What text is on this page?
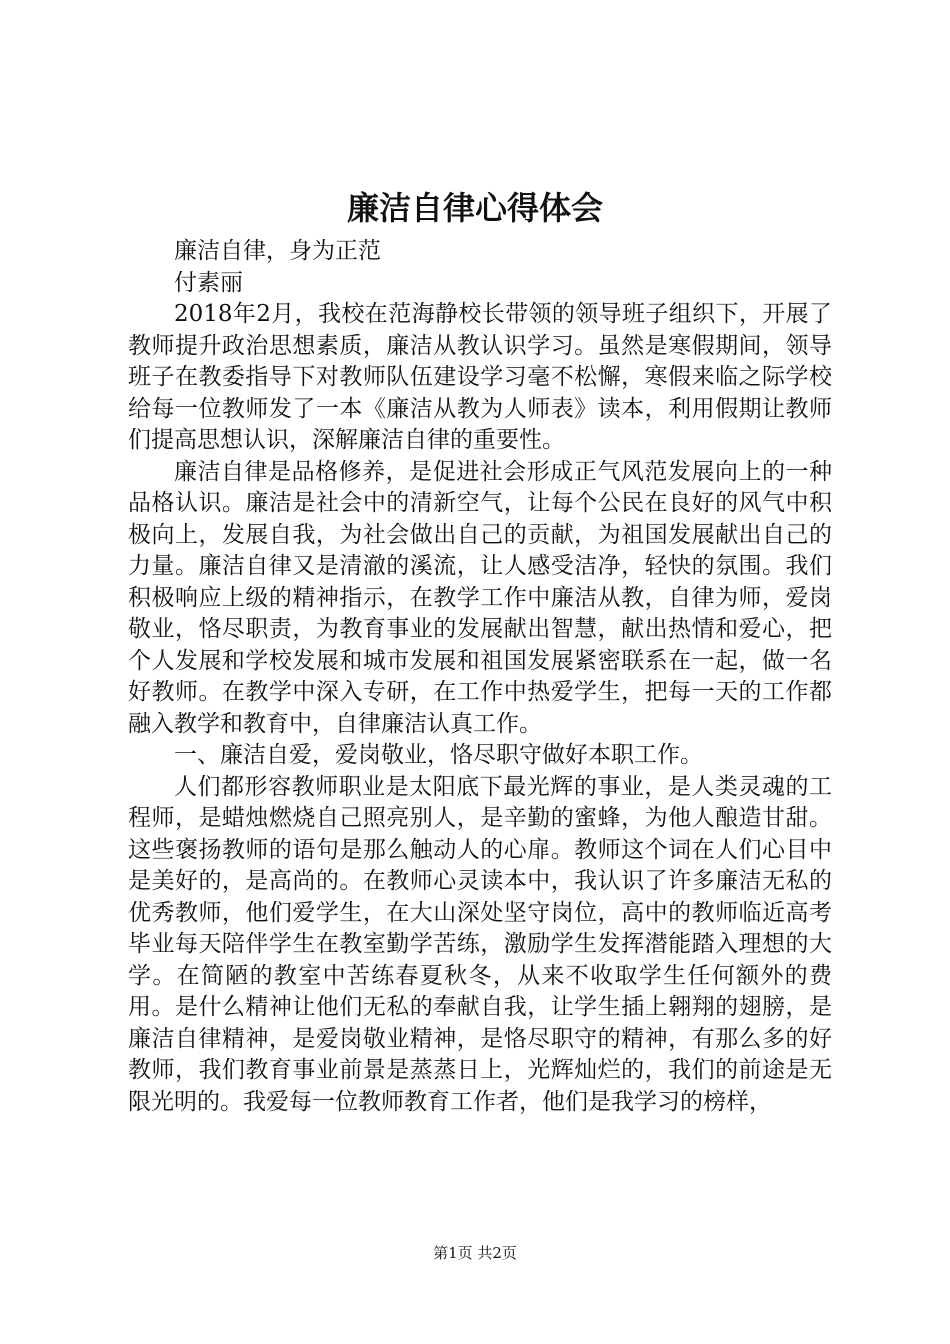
廉洁自律心得体会

廉洁自律，身为正范

付素丽

2018年2月，我校在范海静校长带领的领导班子组织下，开展了教师提升政治思想素质，廉洁从教认识学习。虽然是寒假期间，领导班子在教委指导下对教师队伍建设学习毫不松懈，寒假来临之际学校给每一位教师发了一本《廉洁从教为人师表》读本，利用假期让教师们提高思想认识，深解廉洁自律的重要性。

廉洁自律是品格修养，是促进社会形成正气风范发展向上的一种品格认识。廉洁是社会中的清新空气，让每个公民在良好的风气中积极向上，发展自我，为社会做出自己的贡献，为祖国发展献出自己的力量。廉洁自律又是清澈的溪流，让人感受洁净，轻快的氛围。我们积极响应上级的精神指示，在教学工作中廉洁从教，自律为师，爱岗敬业，恪尽职责，为教育事业的发展献出智慧，献出热情和爱心，把个人发展和学校发展和城市发展和祖国发展紧密联系在一起，做一名好教师。在教学中深入专研，在工作中热爱学生，把每一天的工作都融入教学和教育中，自律廉洁认真工作。

一、廉洁自爱，爱岗敬业，恪尽职守做好本职工作。

人们都形容教师职业是太阳底下最光辉的事业，是人类灵魂的工程师，是蜡烛燃烧自己照亮别人，是辛勤的蜜蜂，为他人酿造甘甜。这些褒扬教师的语句是那么触动人的心扉。教师这个词在人们心目中是美好的，是高尚的。在教师心灵读本中，我认识了许多廉洁无私的优秀教师，他们爱学生，在大山深处坚守岗位，高中的教师临近高考毕业每天陪伴学生在教室勤学苦练，激励学生发挥潜能踏入理想的大学。在简陋的教室中苦练春夏秋冬，从来不收取学生任何额外的费用。是什么精神让他们无私的奉献自我，让学生插上翱翔的翅膀，是廉洁自律精神，是爱岗敬业精神，是恪尽职守的精神，有那么多的好教师，我们教育事业前景是蒸蒸日上，光辉灿烂的，我们的前途是无限光明的。我爱每一位教师教育工作者，他们是我学习的榜样，

第1页 共2页
